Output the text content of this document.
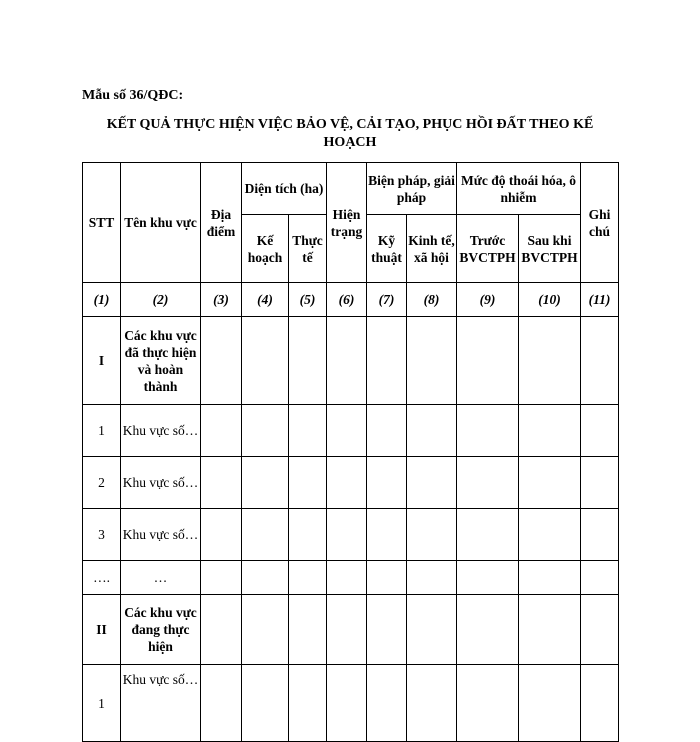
Mẫu số 36/QĐC:
KẾT QUẢ THỰC HIỆN VIỆC BẢO VỆ, CẢI TẠO, PHỤC HỒI ĐẤT THEO KẾ HOẠCH
STT	Tên khu vực	Địa điểm	Diện tích (ha)		Hiện trạng	Biện pháp, giải pháp		Mức độ thoái hóa, ô nhiễm		Ghi chú
			Kế hoạch	Thực tế		Kỹ thuật	Kinh tế, xã hội	Trước BVCTPH	Sau khi BVCTPH	
(1)	(2)	(3)	(4)	(5)	(6)	(7)	(8)	(9)	(10)	(11)
I	Các khu vực đã thực hiện và hoàn thành									
1	Khu vực số…									
2	Khu vực số…									
3	Khu vực số…									
….	…									
II	Các khu vực đang thực hiện									
1	Khu vực số…									
